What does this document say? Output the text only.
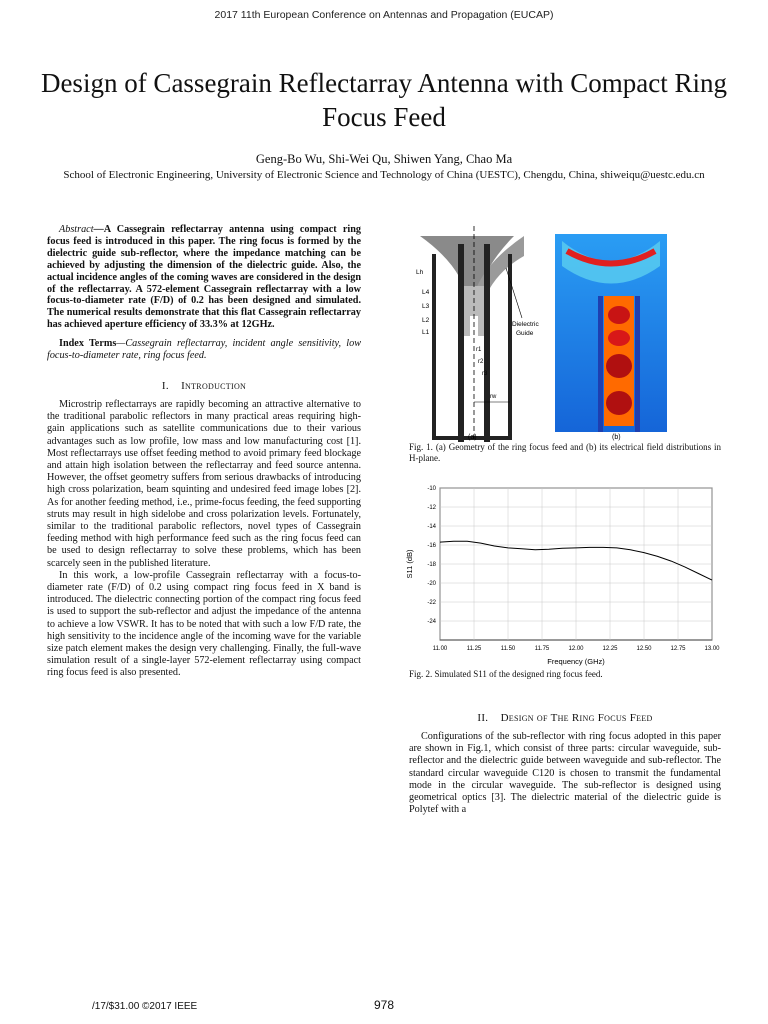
2017 11th European Conference on Antennas and Propagation (EUCAP)
Design of Cassegrain Reflectarray Antenna with Compact Ring Focus Feed
Geng-Bo Wu, Shi-Wei Qu, Shiwen Yang, Chao Ma
School of Electronic Engineering, University of Electronic Science and Technology of China (UESTC), Chengdu, China, shiweiqu@uestc.edu.cn

Abstract—A Cassegrain reflectarray antenna using compact ring focus feed is introduced in this paper. The ring focus is formed by the dielectric guide sub-reflector, where the impedance matching can be achieved by adjusting the dimension of the dielectric guide. Also, the actual incidence angles of the coming waves are considered in the design of the reflectarray. A 572-element Cassegrain reflectarray with a low focus-to-diameter rate (F/D) of 0.2 has been designed and simulated. The numerical results demonstrate that this flat Cassegrain reflectarray has achieved aperture efficiency of 33.3% at 12GHz.

Index Terms—Cassegrain reflectarray, incident angle sensitivity, low focus-to-diameter rate, ring focus feed.

I. Introduction

Microstrip reflectarrays are rapidly becoming an attractive alternative to the traditional parabolic reflectors in many practical areas requiring high-gain applications such as satellite communications due to their various advantages such as low profile, low mass and low manufacturing cost [1]. Most reflectarrays use offset feeding method to avoid primary feed blockage and attain high isolation between the reflectarray and feed source antenna. However, the offset geometry suffers from serious drawbacks of introducing high cross polarization, beam squinting and undesired feed image lobes [2]. As for another feeding method, i.e., prime-focus feeding, the feed supporting struts may result in high sidelobe and cross polarization levels. Fortunately, similar to the traditional parabolic reflectors, novel types of Cassegrain feeding method with high performance feed such as the ring focus feed can be used to design reflectarray to solve these problems, which has been scarcely seen in the published literature.

In this work, a low-profile Cassegrain reflectarray with a focus-to-diameter rate (F/D) of 0.2 using compact ring focus feed in X band is introduced. The dielectric connecting portion of the compact ring focus feed is used to support the sub-reflector and adjust the impedance of the antenna to achieve a low VSWR. It has to be noted that with such a low F/D rate, the high sensitivity to the incidence angle of the incoming wave for the variable size patch element makes the design very challenging. Finally, the full-wave simulation result of a single-layer 572-element reflectarray using compact ring focus feed is also presented.

Lh
L4
L3
L2
L1
r1
r2
r3
rw
Dielectric
Guide
(a)	(b)
Fig. 1. (a) Geometry of the ring focus feed and (b) its electrical field distributions in H-plane.
11.00	11.25	11.50	11.75	12.00	12.25	12.50	12.75	13.00
-10
-12
-14
-16
-18
-20
-22
-24
Frequency (GHz)
S11 (dB)
Fig. 2. Simulated S11 of the designed ring focus feed.
II. Design of The Ring Focus Feed

Configurations of the sub-reflector with ring focus adopted in this paper are shown in Fig.1, which consist of three parts: circular waveguide, sub-reflector and the dielectric guide between waveguide and sub-reflector. The standard circular waveguide C120 is chosen to transmit the fundamental mode in the circular waveguide. The sub-reflector is designed using geometrical optics [3]. The dielectric material of the dielectric guide is Polytef with a

/17/$31.00 ©2017 IEEE	978
